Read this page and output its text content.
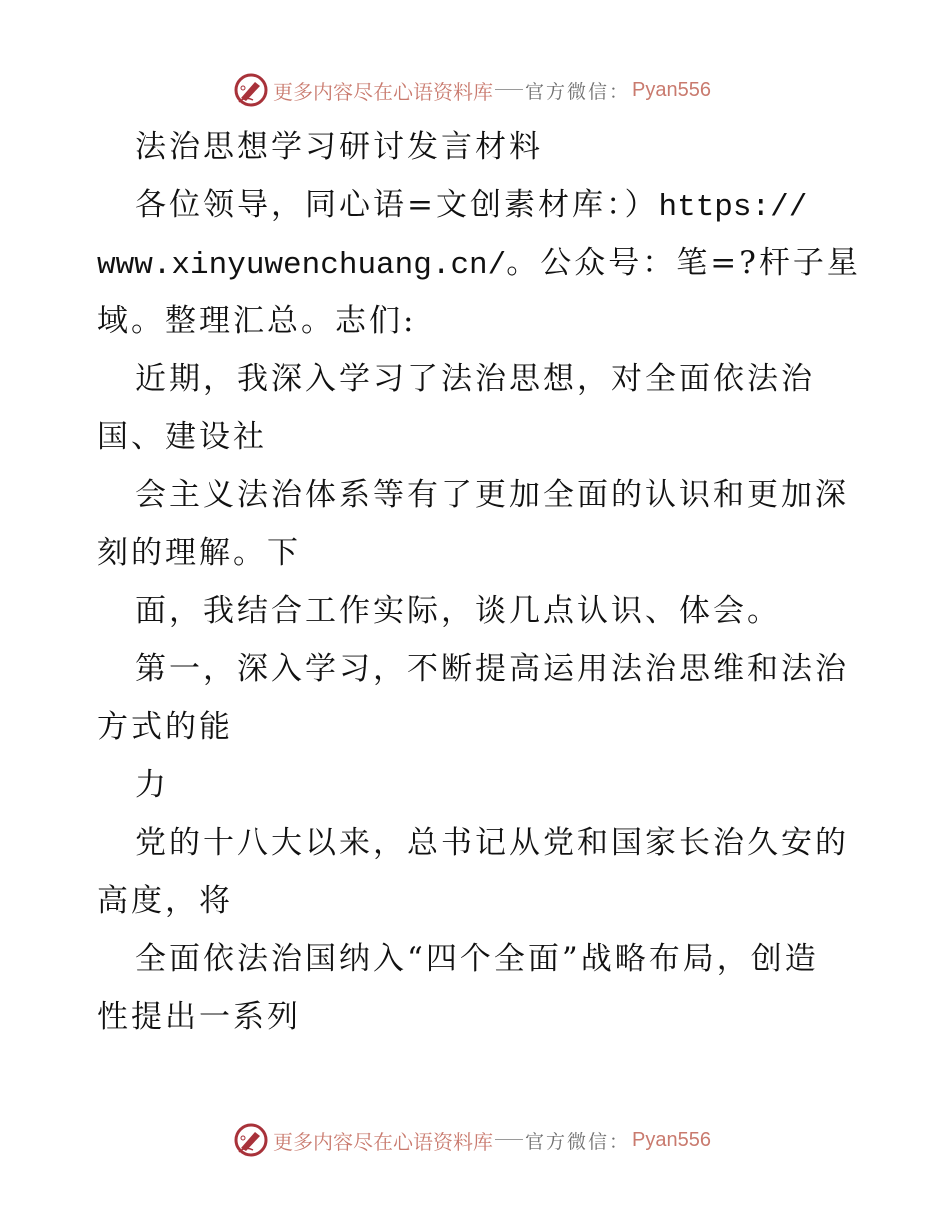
更多内容尽在心语资料库 官方微信： Pyan556
法治思想学习研讨发言材料
各位领导，同心语=文创素材库：）https://
www.xinyuwenchuang.cn/。公众号：笔=?杆子星
域。整理汇总。志们:
近期，我深入学习了法治思想，对全面依法治
国、建设社
会主义法治体系等有了更加全面的认识和更加深
刻的理解。下
面，我结合工作实际，谈几点认识、体会。
第一，深入学习，不断提高运用法治思维和法治
方式的能
力
党的十八大以来，总书记从党和国家长治久安的
高度，将
全面依法治国纳入“四个全面”战略布局，创造
性提出一系列
更多内容尽在心语资料库 官方微信： Pyan556
